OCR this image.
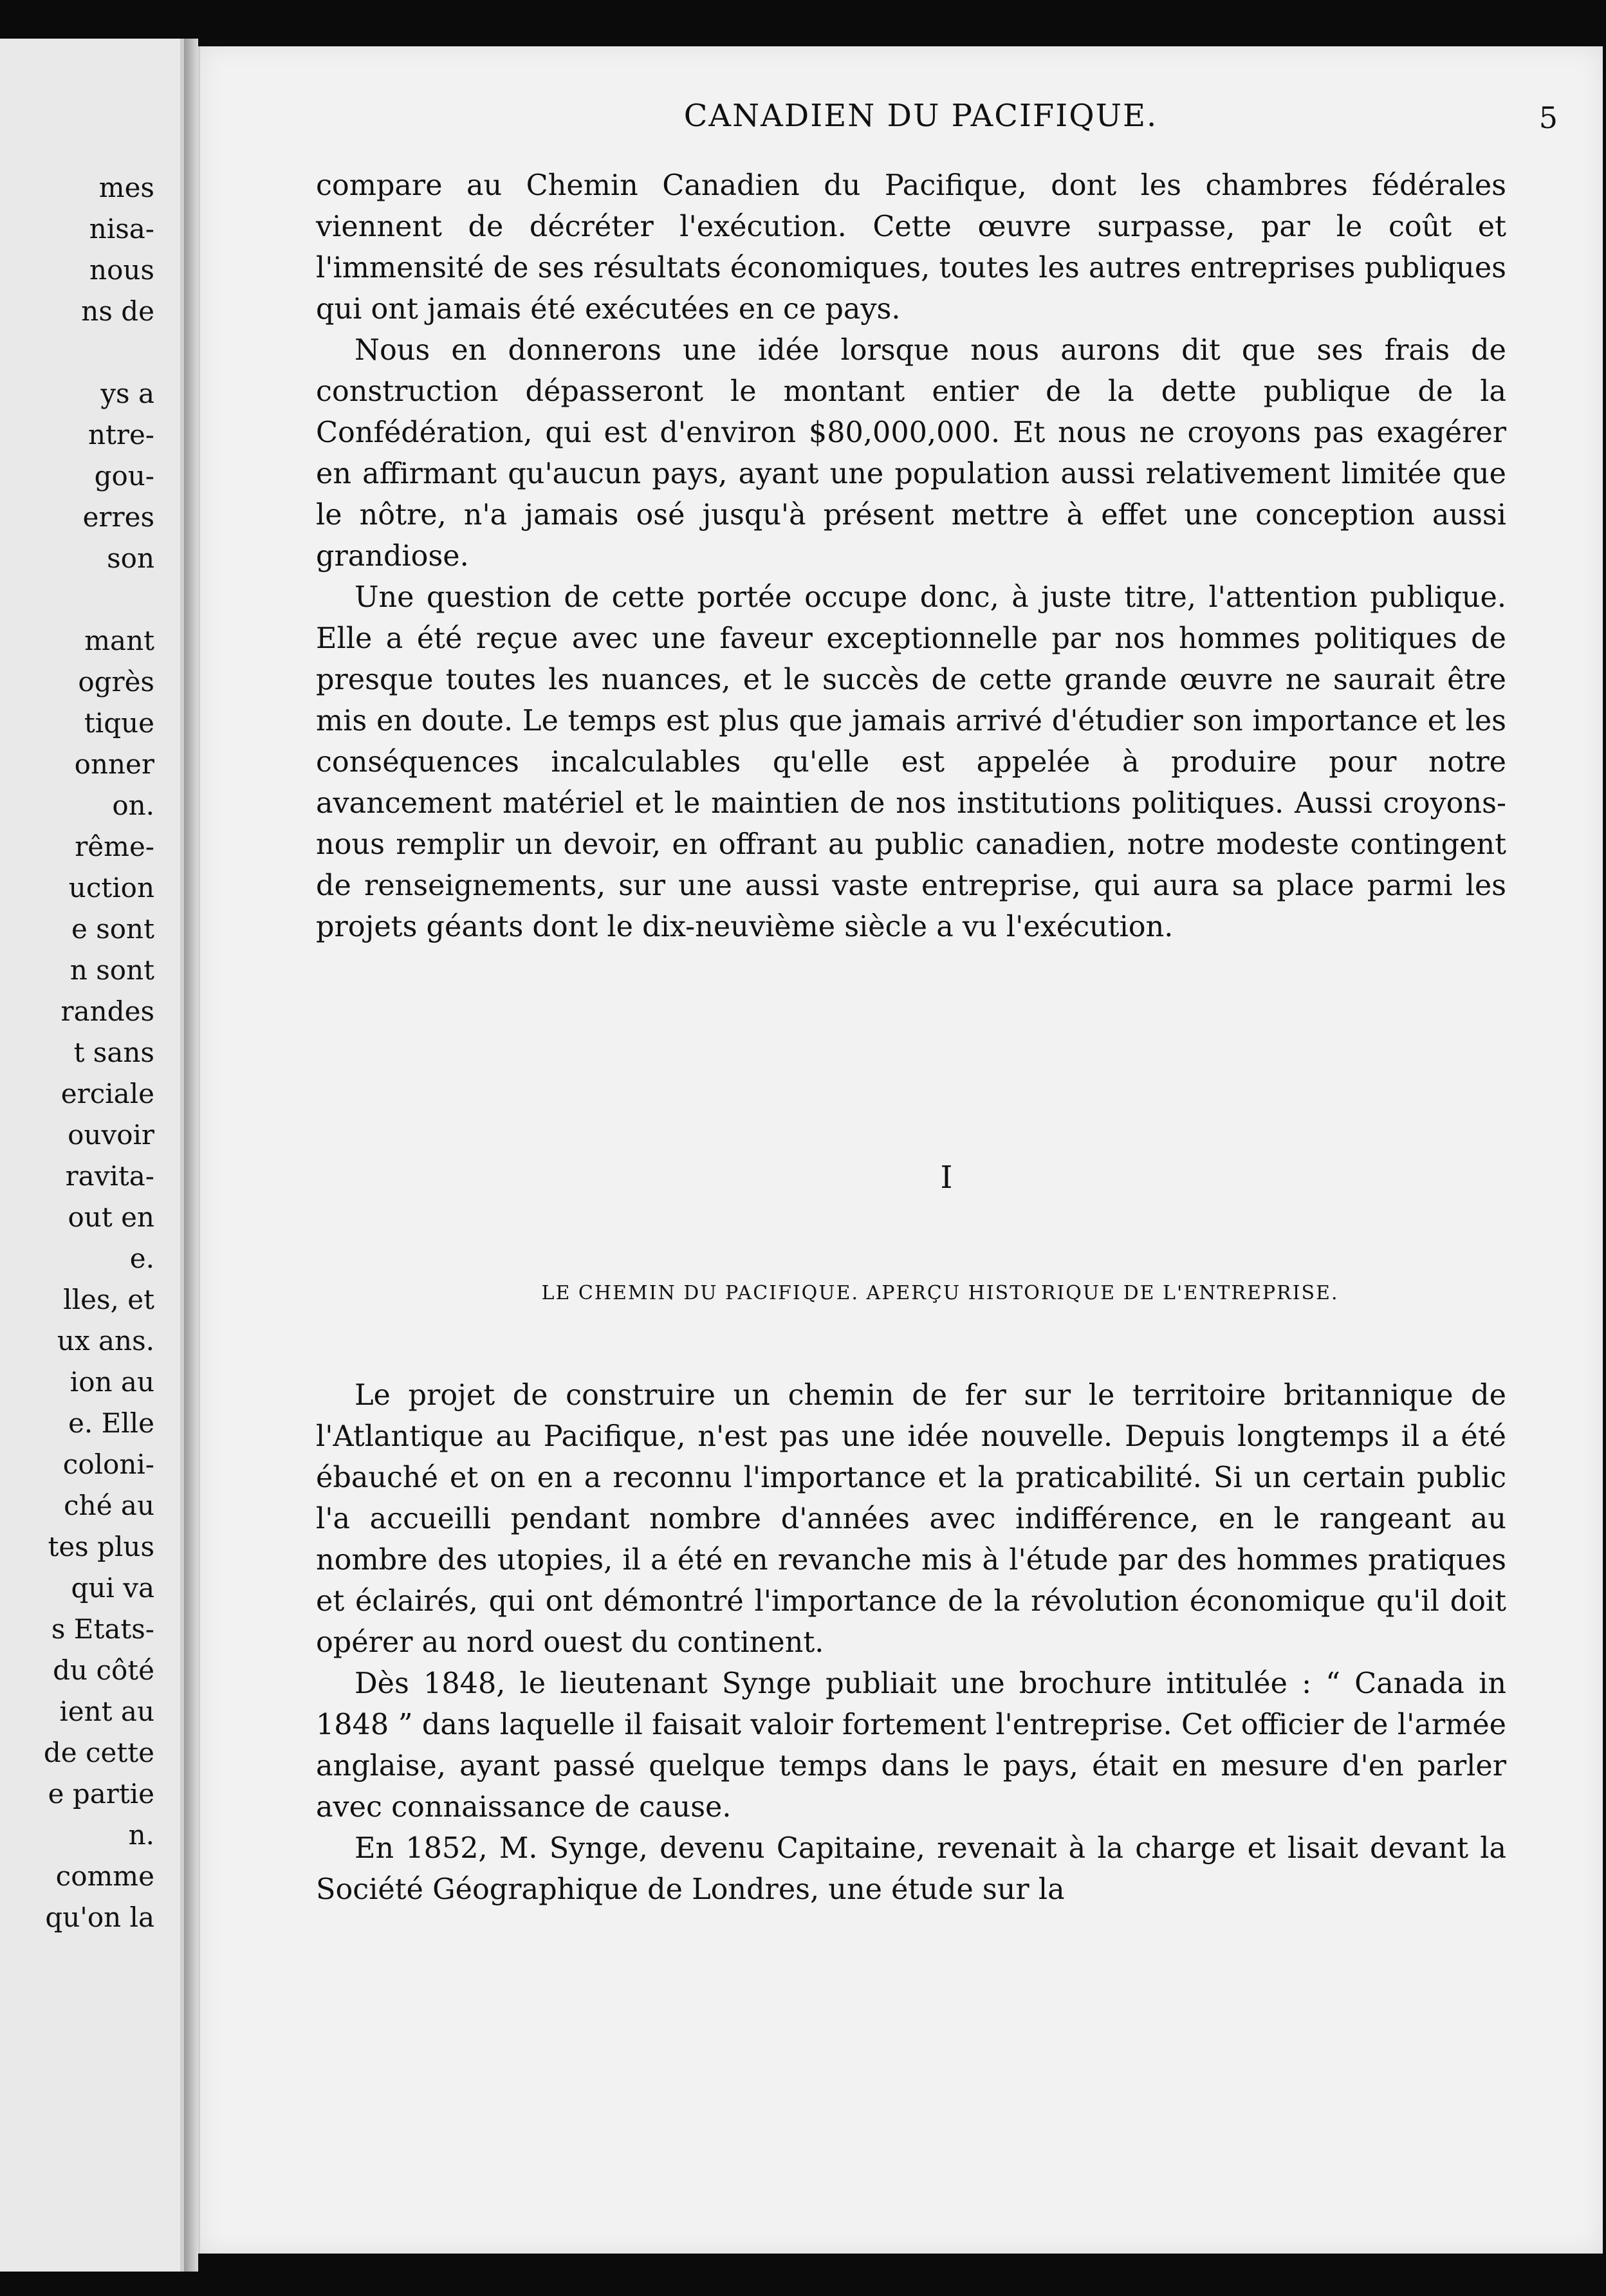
mes
nisa-
nous
ns de
ys a
ntre-
gou-
erres
son
mant
ogrès
tique
onner
on.
rême-
uction
e sont
n sont
randes
t sans
erciale
ouvoir
ravita-
out en
e.
lles, et
ux ans.
ion au
e. Elle
coloni-
ché au
tes plus
qui va
s Etats-
du côté
ient au
de cette
e partie
n.
comme
qu'on la
CANADIEN DU PACIFIQUE.	5

compare au Chemin Canadien du Pacifique, dont les chambres fédérales viennent de décréter l'exécution. Cette œuvre surpasse, par le coût et l'immensité de ses résultats économiques, toutes les autres entreprises publiques qui ont jamais été exécutées en ce pays.

Nous en donnerons une idée lorsque nous aurons dit que ses frais de construction dépasseront le montant entier de la dette publique de la Confédération, qui est d'environ $80,000,000. Et nous ne croyons pas exagérer en affirmant qu'aucun pays, ayant une population aussi relativement limitée que le nôtre, n'a jamais osé jusqu'à présent mettre à effet une conception aussi grandiose.

Une question de cette portée occupe donc, à juste titre, l'attention publique. Elle a été reçue avec une faveur exceptionnelle par nos hommes politiques de presque toutes les nuances, et le succès de cette grande œuvre ne saurait être mis en doute. Le temps est plus que jamais arrivé d'étudier son importance et les conséquences incalculables qu'elle est appelée à produire pour notre avancement matériel et le maintien de nos institutions politiques. Aussi croyons-nous remplir un devoir, en offrant au public canadien, notre modeste contingent de renseignements, sur une aussi vaste entreprise, qui aura sa place parmi les projets géants dont le dix-neuvième siècle a vu l'exécution.

I
LE CHEMIN DU PACIFIQUE. APERÇU HISTORIQUE DE L'ENTREPRISE.

Le projet de construire un chemin de fer sur le territoire britannique de l'Atlantique au Pacifique, n'est pas une idée nouvelle. Depuis longtemps il a été ébauché et on en a reconnu l'importance et la praticabilité. Si un certain public l'a accueilli pendant nombre d'années avec indifférence, en le rangeant au nombre des utopies, il a été en revanche mis à l'étude par des hommes pratiques et éclairés, qui ont démontré l'importance de la révolution économique qu'il doit opérer au nord ouest du continent.

Dès 1848, le lieutenant Synge publiait une brochure intitulée : “ Canada in 1848 ” dans laquelle il faisait valoir fortement l'entreprise. Cet officier de l'armée anglaise, ayant passé quelque temps dans le pays, était en mesure d'en parler avec connaissance de cause.

En 1852, M. Synge, devenu Capitaine, revenait à la charge et lisait devant la Société Géographique de Londres, une étude sur la
